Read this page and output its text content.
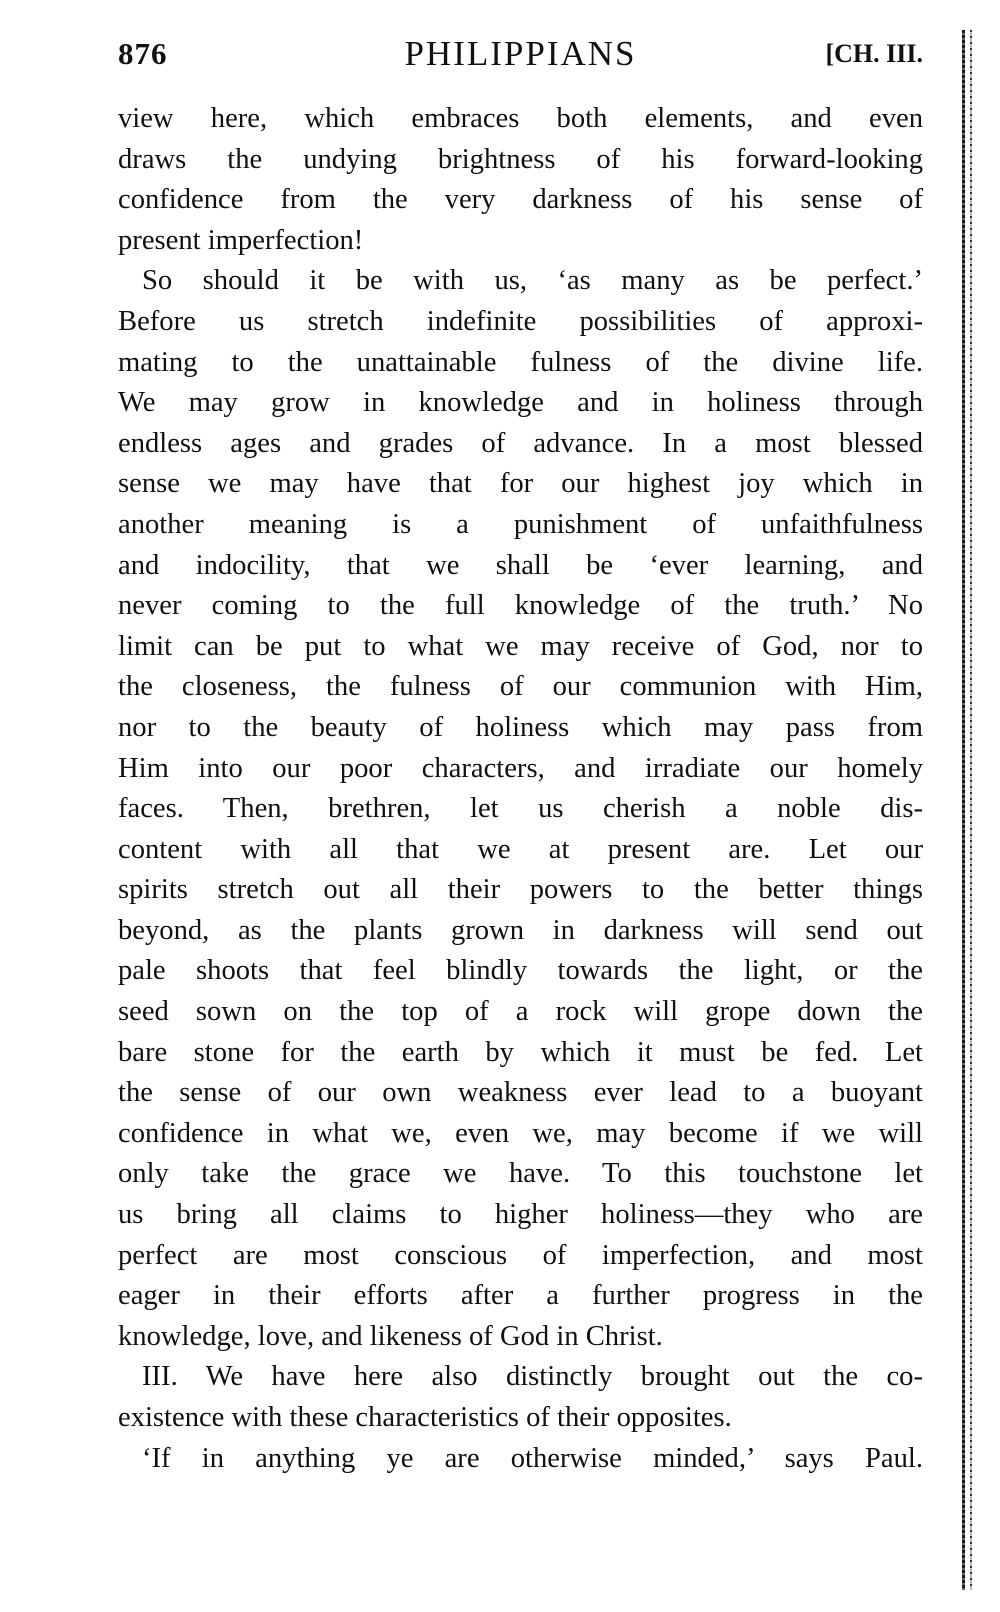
876	PHILIPPIANS	[CH. III.
view here, which embraces both elements, and even
draws the undying brightness of his forward-looking
confidence from the very darkness of his sense of
present imperfection!
So should it be with us, ‘as many as be perfect.’
Before us stretch indefinite possibilities of approxi-
mating to the unattainable fulness of the divine life.
We may grow in knowledge and in holiness through
endless ages and grades of advance. In a most blessed
sense we may have that for our highest joy which in
another meaning is a punishment of unfaithfulness
and indocility, that we shall be ‘ever learning, and
never coming to the full knowledge of the truth.’ No
limit can be put to what we may receive of God, nor to
the closeness, the fulness of our communion with Him,
nor to the beauty of holiness which may pass from
Him into our poor characters, and irradiate our homely
faces. Then, brethren, let us cherish a noble dis-
content with all that we at present are. Let our
spirits stretch out all their powers to the better things
beyond, as the plants grown in darkness will send out
pale shoots that feel blindly towards the light, or the
seed sown on the top of a rock will grope down the
bare stone for the earth by which it must be fed. Let
the sense of our own weakness ever lead to a buoyant
confidence in what we, even we, may become if we will
only take the grace we have. To this touchstone let
us bring all claims to higher holiness—they who are
perfect are most conscious of imperfection, and most
eager in their efforts after a further progress in the
knowledge, love, and likeness of God in Christ.
III. We have here also distinctly brought out the co-
existence with these characteristics of their opposites.
‘If in anything ye are otherwise minded,’ says Paul.
